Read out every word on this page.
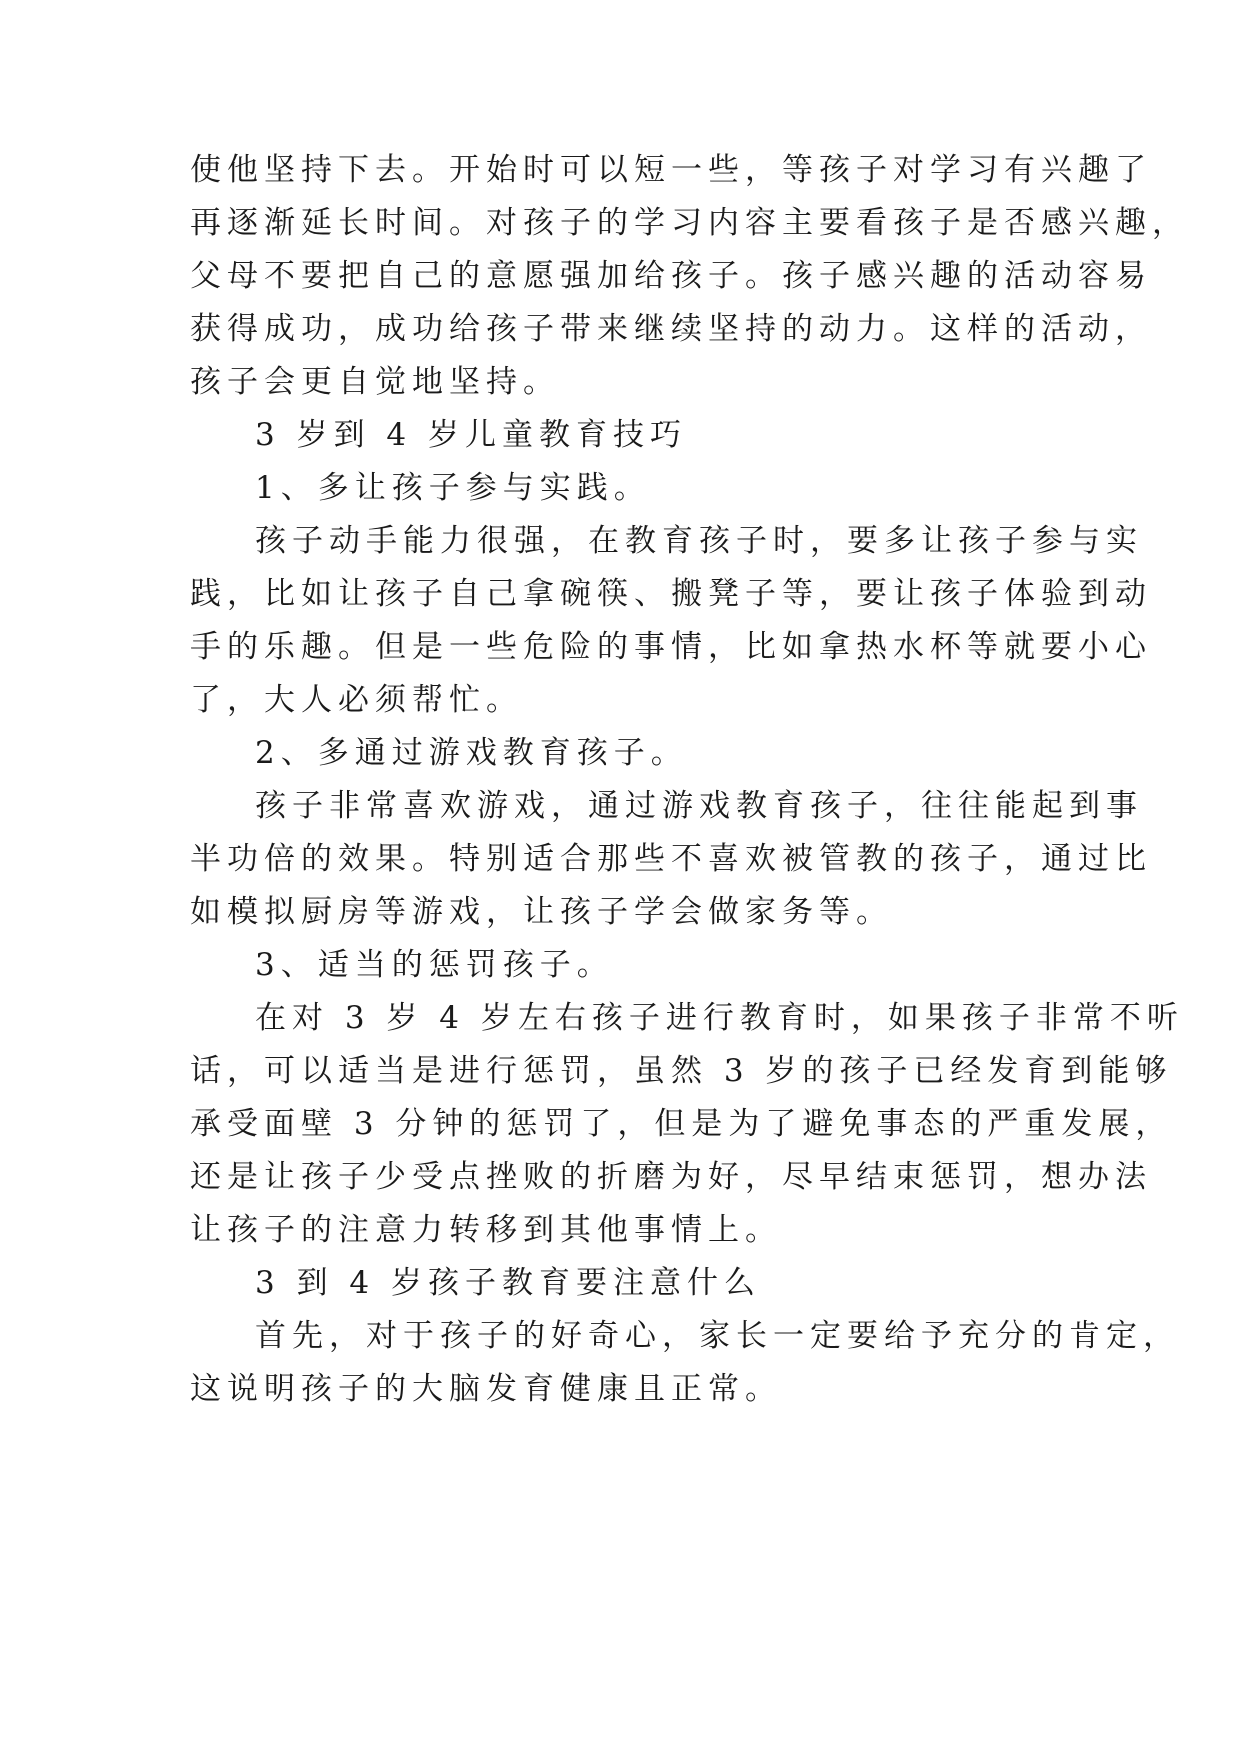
使他坚持下去。开始时可以短一些，等孩子对学习有兴趣了
再逐渐延长时间。对孩子的学习内容主要看孩子是否感兴趣，
父母不要把自己的意愿强加给孩子。孩子感兴趣的活动容易
获得成功，成功给孩子带来继续坚持的动力。这样的活动，
孩子会更自觉地坚持。
3 岁到 4 岁儿童教育技巧
1、多让孩子参与实践。
孩子动手能力很强，在教育孩子时，要多让孩子参与实
践，比如让孩子自己拿碗筷、搬凳子等，要让孩子体验到动
手的乐趣。但是一些危险的事情，比如拿热水杯等就要小心
了，大人必须帮忙。
2、多通过游戏教育孩子。
孩子非常喜欢游戏，通过游戏教育孩子，往往能起到事
半功倍的效果。特别适合那些不喜欢被管教的孩子，通过比
如模拟厨房等游戏，让孩子学会做家务等。
3、适当的惩罚孩子。
在对 3 岁 4 岁左右孩子进行教育时，如果孩子非常不听
话，可以适当是进行惩罚，虽然 3 岁的孩子已经发育到能够
承受面壁 3 分钟的惩罚了，但是为了避免事态的严重发展，
还是让孩子少受点挫败的折磨为好，尽早结束惩罚，想办法
让孩子的注意力转移到其他事情上。
3 到 4 岁孩子教育要注意什么
首先，对于孩子的好奇心，家长一定要给予充分的肯定，
这说明孩子的大脑发育健康且正常。
